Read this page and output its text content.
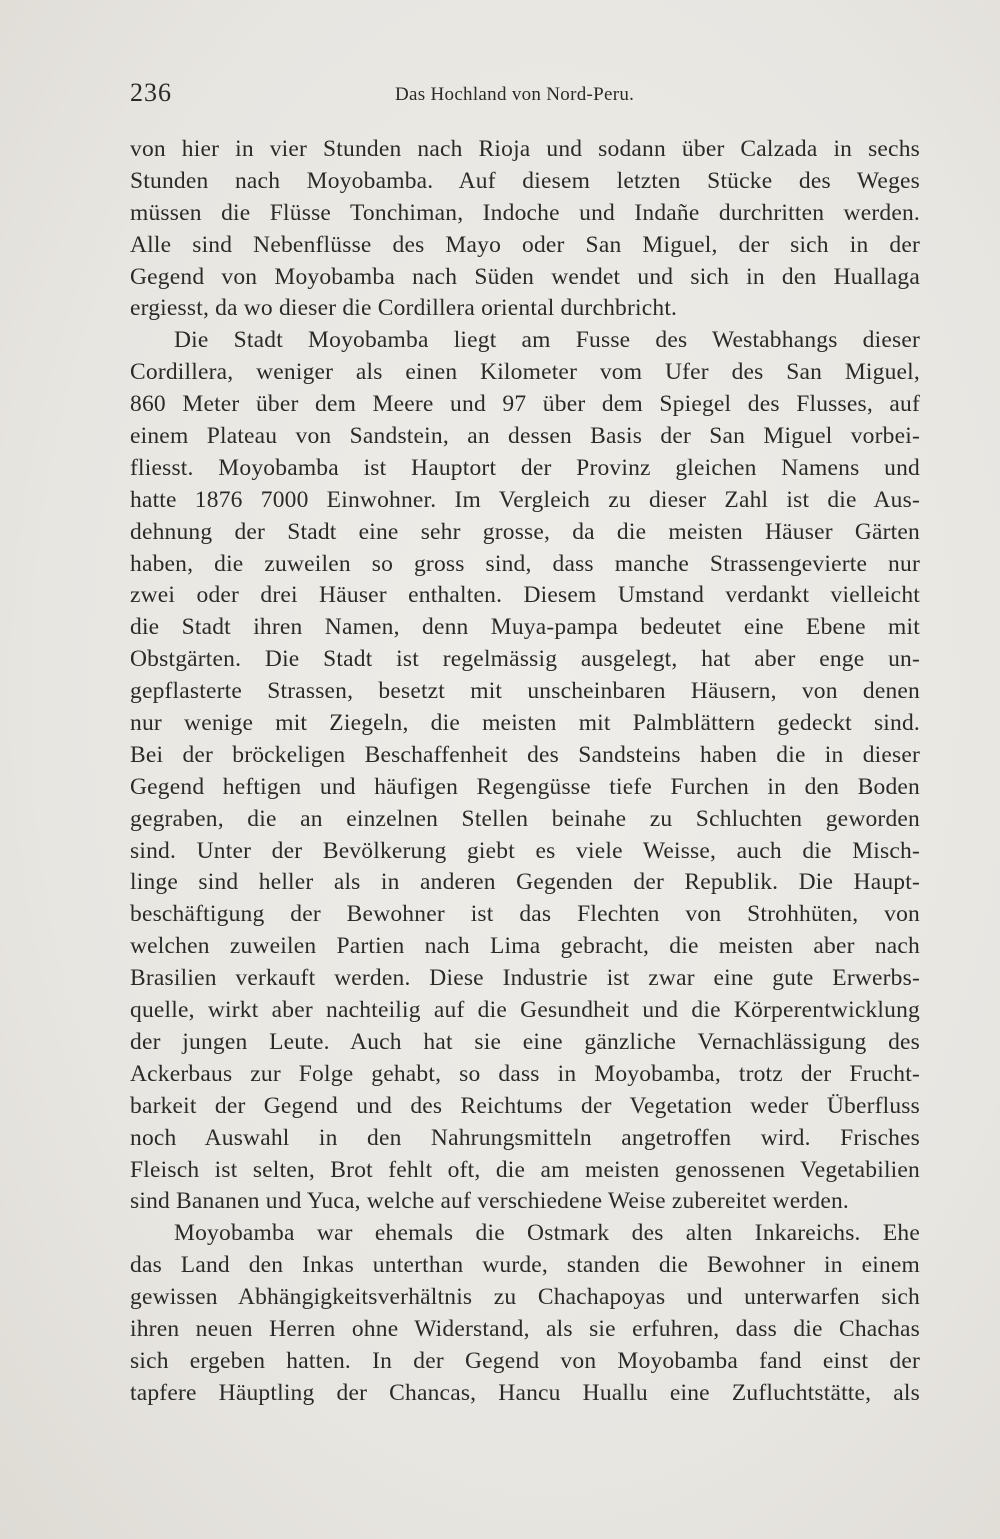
236	Das Hochland von Nord-Peru.
von hier in vier Stunden nach Rioja und sodann über Calzada in sechs
Stunden nach Moyobamba. Auf diesem letzten Stücke des Weges
müssen die Flüsse Tonchiman, Indoche und Indañe durchritten werden.
Alle sind Nebenflüsse des Mayo oder San Miguel, der sich in der
Gegend von Moyobamba nach Süden wendet und sich in den Huallaga
ergiesst, da wo dieser die Cordillera oriental durchbricht.
Die Stadt Moyobamba liegt am Fusse des Westabhangs dieser
Cordillera, weniger als einen Kilometer vom Ufer des San Miguel,
860 Meter über dem Meere und 97 über dem Spiegel des Flusses, auf
einem Plateau von Sandstein, an dessen Basis der San Miguel vorbei-
fliesst. Moyobamba ist Hauptort der Provinz gleichen Namens und
hatte 1876 7000 Einwohner. Im Vergleich zu dieser Zahl ist die Aus-
dehnung der Stadt eine sehr grosse, da die meisten Häuser Gärten
haben, die zuweilen so gross sind, dass manche Strassengevierte nur
zwei oder drei Häuser enthalten. Diesem Umstand verdankt vielleicht
die Stadt ihren Namen, denn Muya-pampa bedeutet eine Ebene mit
Obstgärten. Die Stadt ist regelmässig ausgelegt, hat aber enge un-
gepflasterte Strassen, besetzt mit unscheinbaren Häusern, von denen
nur wenige mit Ziegeln, die meisten mit Palmblättern gedeckt sind.
Bei der bröckeligen Beschaffenheit des Sandsteins haben die in dieser
Gegend heftigen und häufigen Regengüsse tiefe Furchen in den Boden
gegraben, die an einzelnen Stellen beinahe zu Schluchten geworden
sind. Unter der Bevölkerung giebt es viele Weisse, auch die Misch-
linge sind heller als in anderen Gegenden der Republik. Die Haupt-
beschäftigung der Bewohner ist das Flechten von Strohhüten, von
welchen zuweilen Partien nach Lima gebracht, die meisten aber nach
Brasilien verkauft werden. Diese Industrie ist zwar eine gute Erwerbs-
quelle, wirkt aber nachteilig auf die Gesundheit und die Körperentwicklung
der jungen Leute. Auch hat sie eine gänzliche Vernachlässigung des
Ackerbaus zur Folge gehabt, so dass in Moyobamba, trotz der Frucht-
barkeit der Gegend und des Reichtums der Vegetation weder Überfluss
noch Auswahl in den Nahrungsmitteln angetroffen wird. Frisches
Fleisch ist selten, Brot fehlt oft, die am meisten genossenen Vegetabilien
sind Bananen und Yuca, welche auf verschiedene Weise zubereitet werden.
Moyobamba war ehemals die Ostmark des alten Inkareichs. Ehe
das Land den Inkas unterthan wurde, standen die Bewohner in einem
gewissen Abhängigkeitsverhältnis zu Chachapoyas und unterwarfen sich
ihren neuen Herren ohne Widerstand, als sie erfuhren, dass die Chachas
sich ergeben hatten. In der Gegend von Moyobamba fand einst der
tapfere Häuptling der Chancas, Hancu Huallu eine Zufluchtstätte, als
